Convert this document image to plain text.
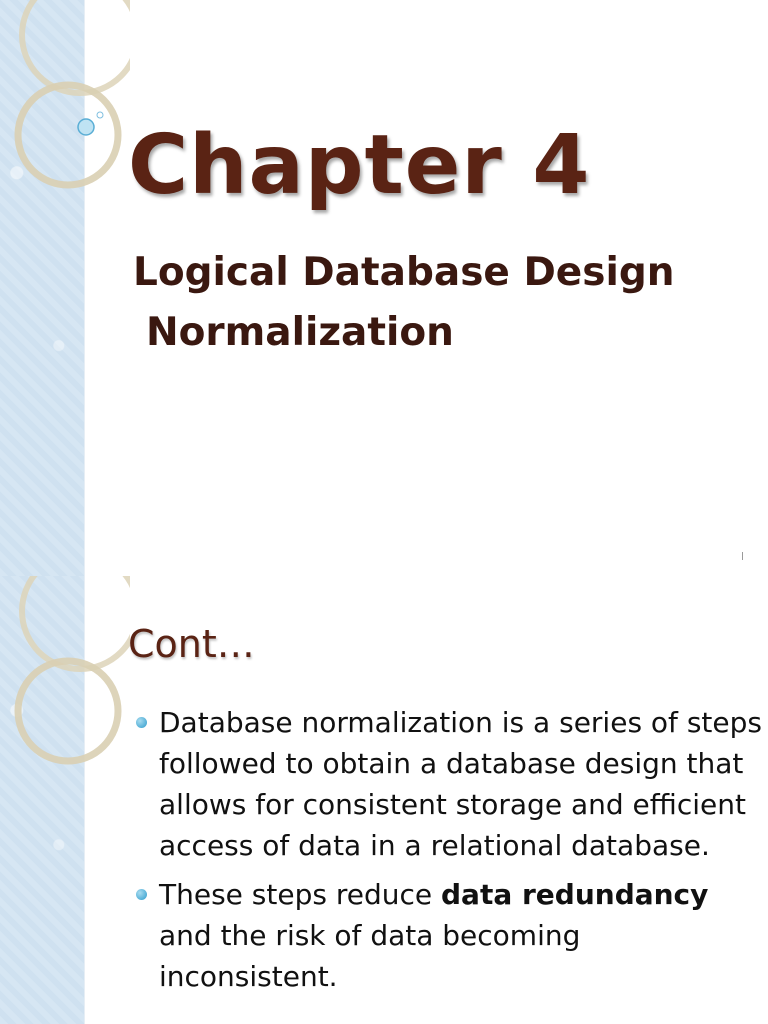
Chapter 4
Logical Database Design
Normalization
Cont…
Database normalization is a series of steps followed to obtain a database design that allows for consistent storage and efficient access of data in a relational database.
These steps reduce data redundancy and the risk of data becoming inconsistent.
